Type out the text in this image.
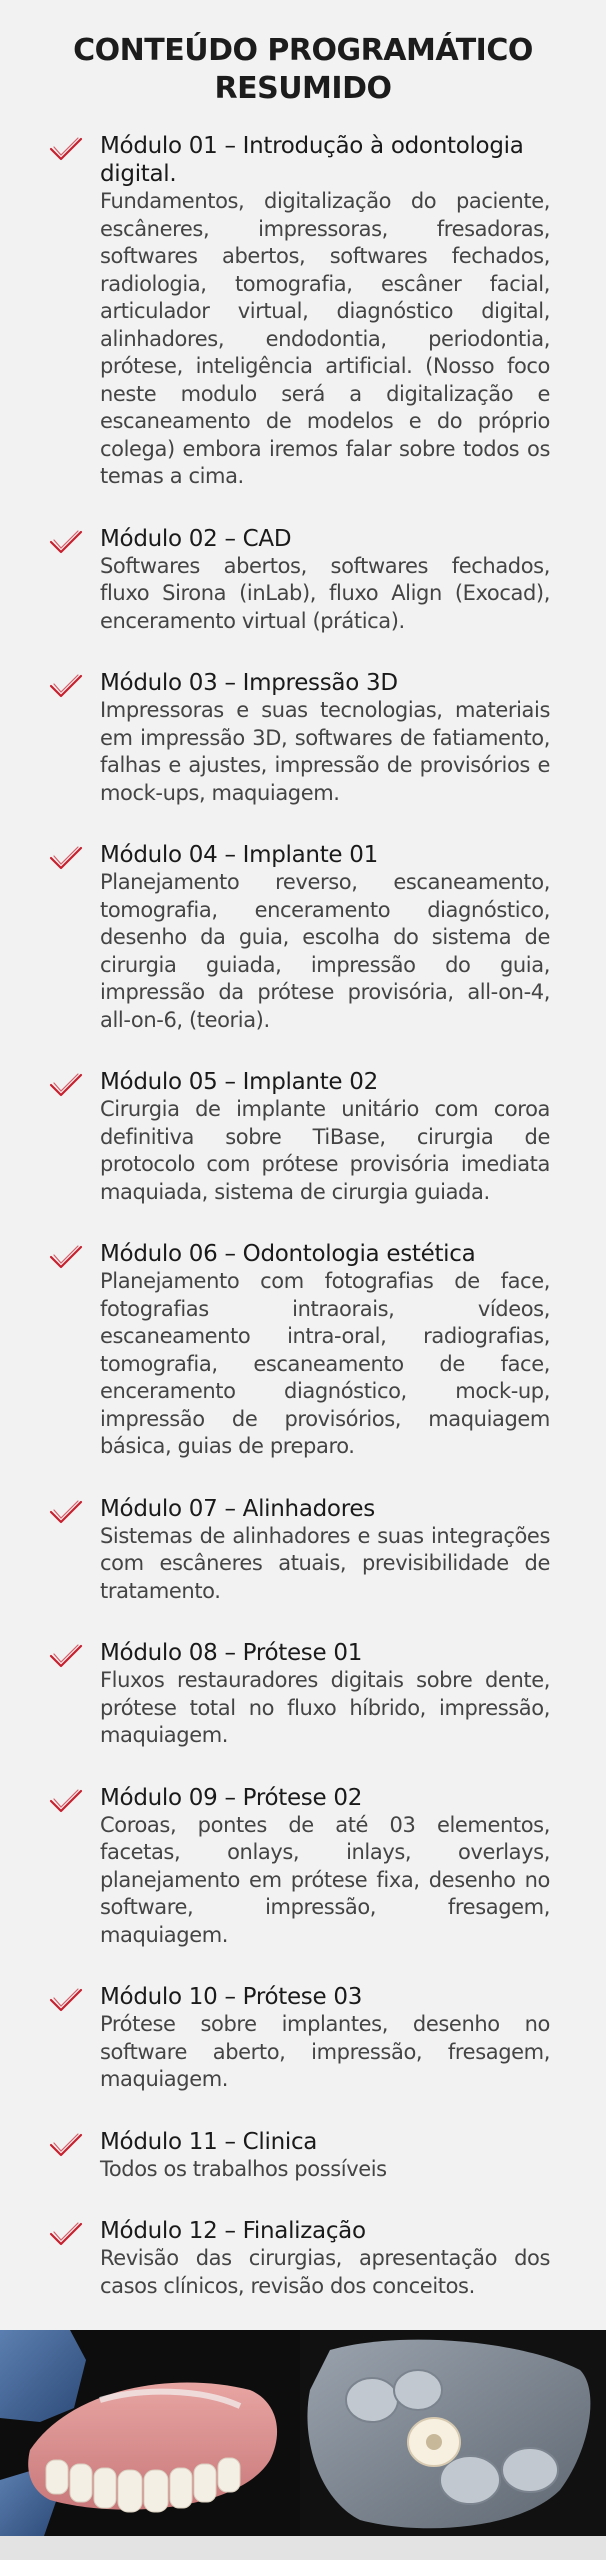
CONTEÚDO PROGRAMÁTICO
RESUMIDO
Módulo 01 – Introdução à odontologia digital.
Fundamentos, digitalização do paciente, escâneres, impressoras, fresadoras, softwares abertos, softwares fechados, radiologia, tomografia, escâner facial, articulador virtual, diagnóstico digital, alinhadores, endodontia, periodontia, prótese, inteligência artificial. (Nosso foco neste modulo será a digitalização e escaneamento de modelos e do próprio colega) embora iremos falar sobre todos os temas a cima.
Módulo 02 – CAD
Softwares abertos, softwares fechados, fluxo Sirona (inLab), fluxo Align (Exocad), enceramento virtual (prática).
Módulo 03 – Impressão 3D
Impressoras e suas tecnologias, materiais em impressão 3D, softwares de fatiamento, falhas e ajustes, impressão de provisórios e mock-ups, maquiagem.
Módulo 04 – Implante 01
Planejamento reverso, escaneamento, tomografia, enceramento diagnóstico, desenho da guia, escolha do sistema de cirurgia guiada, impressão do guia, impressão da prótese provisória, all-on-4, all-on-6, (teoria).
Módulo 05 – Implante 02
Cirurgia de implante unitário com coroa definitiva sobre TiBase, cirurgia de protocolo com prótese provisória imediata maquiada, sistema de cirurgia guiada.
Módulo 06 – Odontologia estética
Planejamento com fotografias de face, fotografias intraorais, vídeos, escaneamento intra-oral, radiografias, tomografia, escaneamento de face, enceramento diagnóstico, mock-up, impressão de provisórios, maquiagem básica, guias de preparo.
Módulo 07 – Alinhadores
Sistemas de alinhadores e suas integrações com escâneres atuais, previsibilidade de tratamento.
Módulo 08 – Prótese 01
Fluxos restauradores digitais sobre dente, prótese total no fluxo híbrido, impressão, maquiagem.
Módulo 09 – Prótese 02
Coroas, pontes de até 03 elementos, facetas, onlays, inlays, overlays, planejamento em prótese fixa, desenho no software, impressão, fresagem, maquiagem.
Módulo 10 – Prótese 03
Prótese sobre implantes, desenho no software aberto, impressão, fresagem, maquiagem.
Módulo 11 – Clinica
Todos os trabalhos possíveis
Módulo 12 – Finalização
Revisão das cirurgias, apresentação dos casos clínicos, revisão dos conceitos.
